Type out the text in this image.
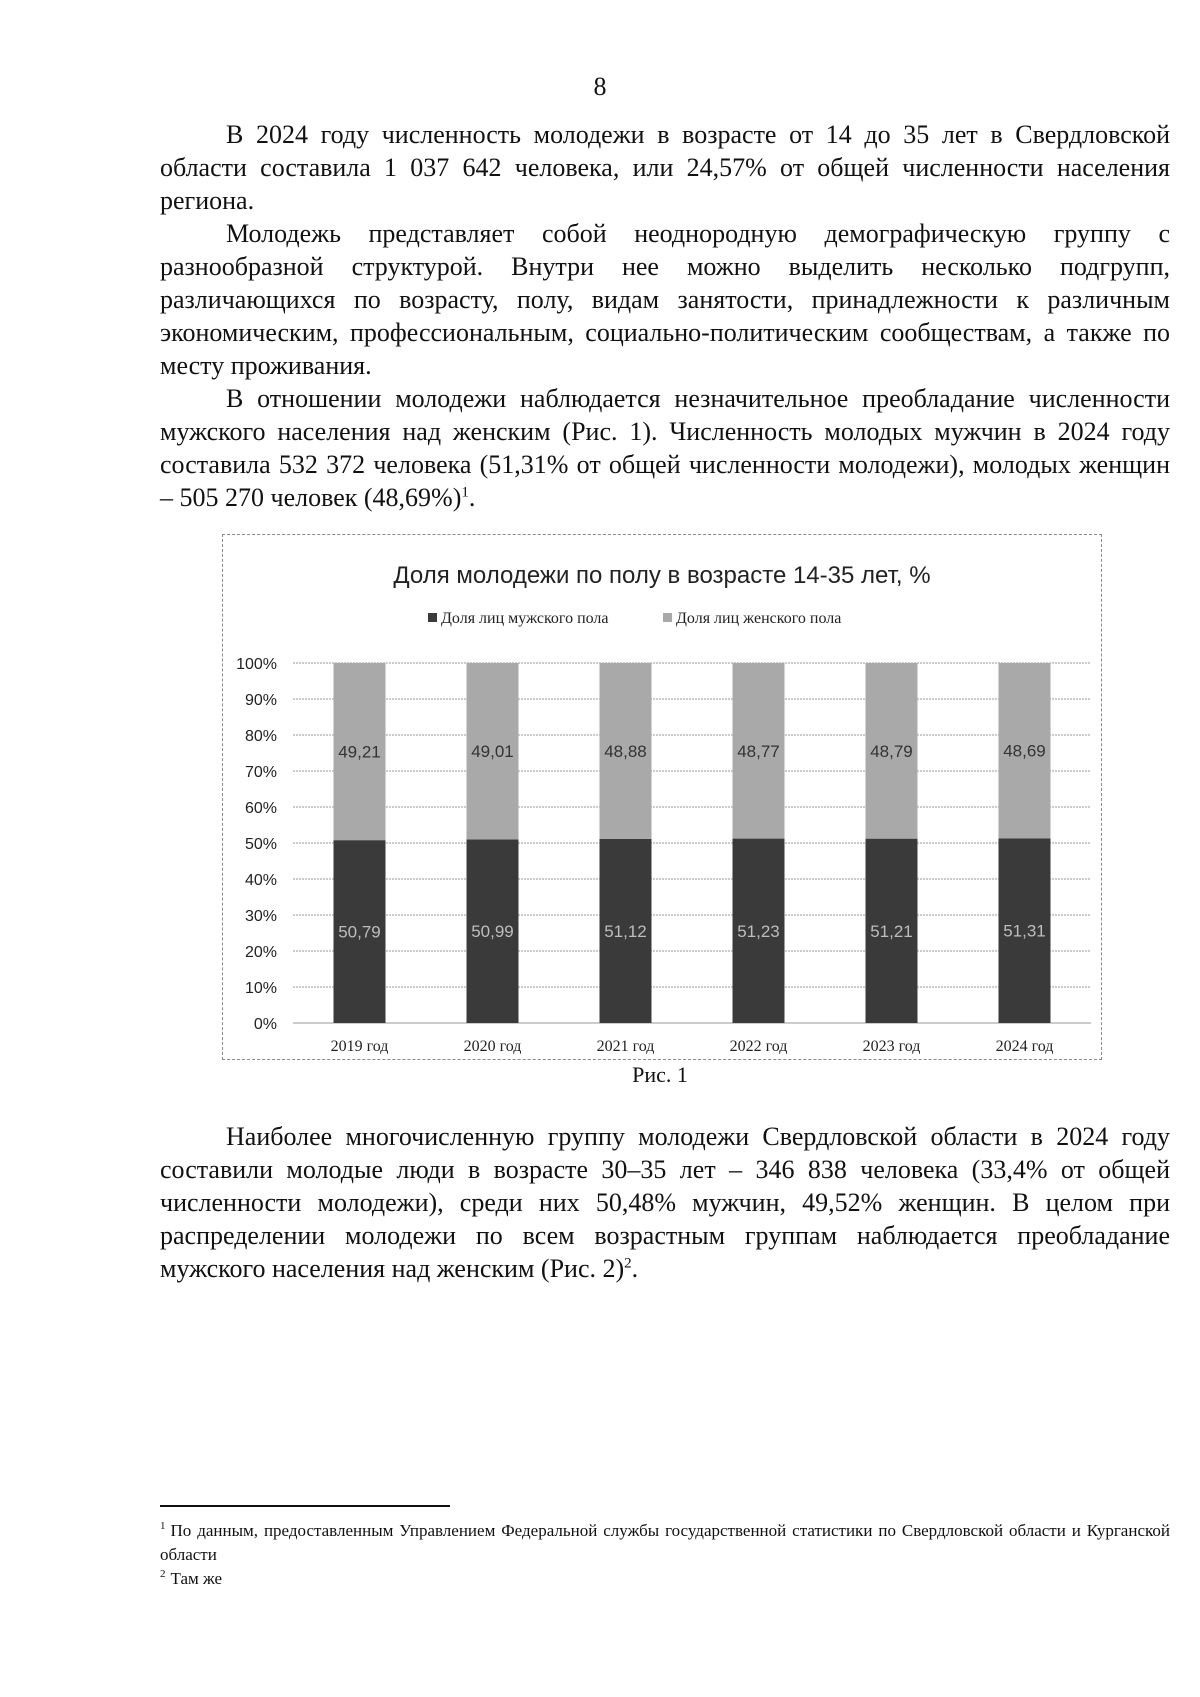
8

В 2024 году численность молодежи в возрасте от 14 до 35 лет в Свердловской области составила 1 037 642 человека, или 24,57% от общей численности населения региона.

Молодежь представляет собой неоднородную демографическую группу с разнообразной структурой. Внутри нее можно выделить несколько подгрупп, различающихся по возрасту, полу, видам занятости, принадлежности к различным экономическим, профессиональным, социально-политическим сообществам, а также по месту проживания.

В отношении молодежи наблюдается незначительное преобладание численности мужского населения над женским (Рис. 1). Численность молодых мужчин в 2024 году составила 532 372 человека (51,31% от общей численности молодежи), молодых женщин – 505 270 человек $(48,69\%)^1$.

Доля молодежи по полу в возрасте 14-35 лет, %
Доля лиц мужского пола	Доля лиц женского пола
0%
10%
20%
30%
40%
50%
60%
70%
80%
90%
100%
50,79
49,21
2019 год
50,99
49,01
2020 год
51,12
48,88
2021 год
51,23
48,77
2022 год
51,21
48,79
2023 год
51,31
48,69
2024 год
Рис. 1

Наиболее многочисленную группу молодежи Свердловской области в 2024 году составили молодые люди в возрасте 30–35 лет – 346 838 человека (33,4% от общей численности молодежи), среди них 50,48% мужчин, 49,52% женщин. В целом при распределении молодежи по всем возрастным группам наблюдается преобладание мужского населения над женским (Рис. 2)$^2$.

$^1$ По данным, предоставленным Управлением Федеральной службы государственной статистики по Свердловской области и Курганской области

$^2$ Там же
